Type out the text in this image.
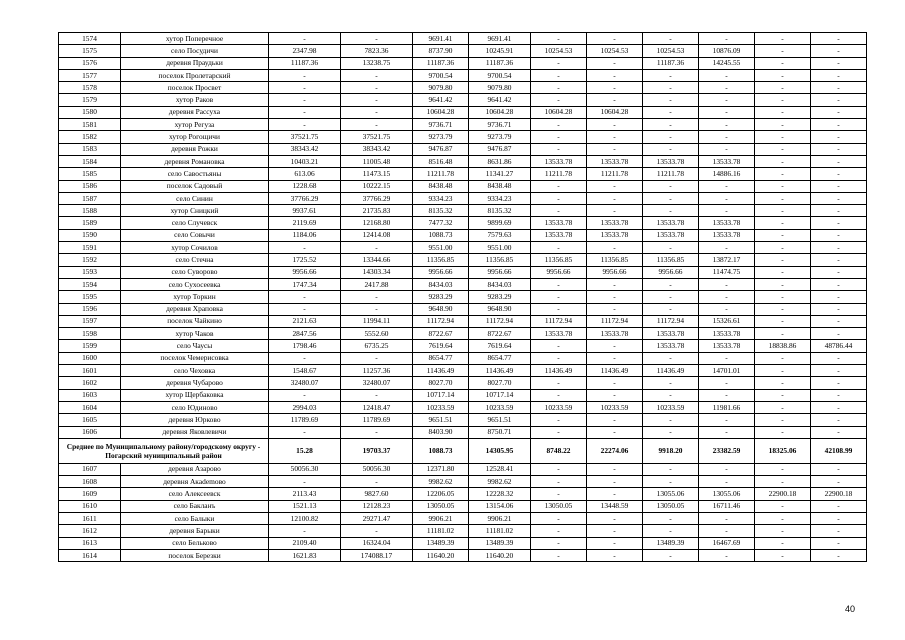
1574	хутор Поперечное	-	-	9691.41	9691.41	-	-	-	-	-	-
1575	село Посудичи	2347.98	7823.36	8737.90	10245.91	10254.53	10254.53	10254.53	10876.09	-	-
1576	деревня Праудьки	11187.36	13238.75	11187.36	11187.36	-	-	11187.36	14245.55	-	-
1577	поселок Пролетарский	-	-	9700.54	9700.54	-	-	-	-	-	-
1578	поселок Просвет	-	-	9079.80	9079.80	-	-	-	-	-	-
1579	хутор Раков	-	-	9641.42	9641.42	-	-	-	-	-	-
1580	деревня Рассуха	-	-	10604.28	10604.28	10604.28	10604.28	-	-	-	-
1581	хутор Регуза	-	-	9736.71	9736.71	-	-	-	-	-	-
1582	хутор Рогощичи	37521.75	37521.75	9273.79	9273.79	-	-	-	-	-	-
1583	деревня Рожки	38343.42	38343.42	9476.87	9476.87	-	-	-	-	-	-
1584	деревня Романовка	10403.21	11005.48	8516.48	8631.86	13533.78	13533.78	13533.78	13533.78	-	-
1585	село Савостьяны	613.06	11473.15	11211.78	11341.27	11211.78	11211.78	11211.78	14886.16	-	-
1586	поселок Садовый	1228.68	10222.15	8438.48	8438.48	-	-	-	-	-	-
1587	село Синин	37766.29	37766.29	9334.23	9334.23	-	-	-	-	-	-
1588	хутор Сницкий	9937.61	21735.83	8135.32	8135.32	-	-	-	-	-	-
1589	село Случевск	2119.69	12168.80	7477.32	9899.69	13533.78	13533.78	13533.78	13533.78	-	-
1590	село Совычи	1184.06	12414.08	1088.73	7579.63	13533.78	13533.78	13533.78	13533.78	-	-
1591	хутор Сочилов	-	-	9551.00	9551.00	-	-	-	-	-	-
1592	село Стечна	1725.52	13344.66	11356.85	11356.85	11356.85	11356.85	11356.85	13872.17	-	-
1593	село Суворово	9956.66	14303.34	9956.66	9956.66	9956.66	9956.66	9956.66	11474.75	-	-
1594	село Сухосеевка	1747.34	2417.88	8434.03	8434.03	-	-	-	-	-	-
1595	хутор Торкин	-	-	9283.29	9283.29	-	-	-	-	-	-
1596	деревня Храповка	-	-	9648.90	9648.90	-	-	-	-	-	-
1597	поселок Чайкино	2121.63	11994.11	11172.94	11172.94	11172.94	11172.94	11172.94	15326.61	-	-
1598	хутор Чаков	2847.56	5552.60	8722.67	8722.67	13533.78	13533.78	13533.78	13533.78	-	-
1599	село Чаусы	1798.46	6735.25	7619.64	7619.64	-	-	13533.78	13533.78	18838.86	48786.44
1600	поселок Чемерисовка	-	-	8654.77	8654.77	-	-	-	-	-	-
1601	село Чеховка	1548.67	11257.36	11436.49	11436.49	11436.49	11436.49	11436.49	14701.01	-	-
1602	деревня Чубарово	32480.07	32480.07	8027.70	8027.70	-	-	-	-	-	-
1603	хутор Щербаковка	-	-	10717.14	10717.14	-	-	-	-	-	-
1604	село Юдиново	2994.03	12418.47	10233.59	10233.59	10233.59	10233.59	10233.59	11981.66	-	-
1605	деревня Юрково	11789.69	11789.69	9651.51	9651.51	-	-	-	-	-	-
1606	деревня Яковлевичи	-	-	8403.90	8750.71	-	-	-	-	-	-
Среднее по Муниципальному району/городскому округу - Погарский муниципальный район		15.28	19703.37	1088.73	14305.95	8748.22	22274.06	9918.20	23382.59	18325.06	42108.99
1607	деревня Азарово	50056.30	50056.30	12371.80	12528.41	-	-	-	-	-	-
1608	деревня Акademово	-	-	9982.62	9982.62	-	-	-	-	-	-
1609	село Алексеевск	2113.43	9827.60	12206.05	12228.32	-	-	13055.06	13055.06	22900.18	22900.18
1610	село Бакланъ	1521.13	12128.23	13050.05	13154.06	13050.05	13448.59	13050.05	16711.46	-	-
1611	село Балыки	12100.82	29271.47	9906.21	9906.21	-	-	-	-	-	-
1612	деревня Барыки	-	-	11181.02	11181.02	-	-	-	-	-	-
1613	село Бельково	2109.40	16324.04	13489.39	13489.39	-	-	13489.39	16467.69	-	-
1614	поселок Березки	1621.83	174088.17	11640.20	11640.20	-	-	-	-	-	-
40
